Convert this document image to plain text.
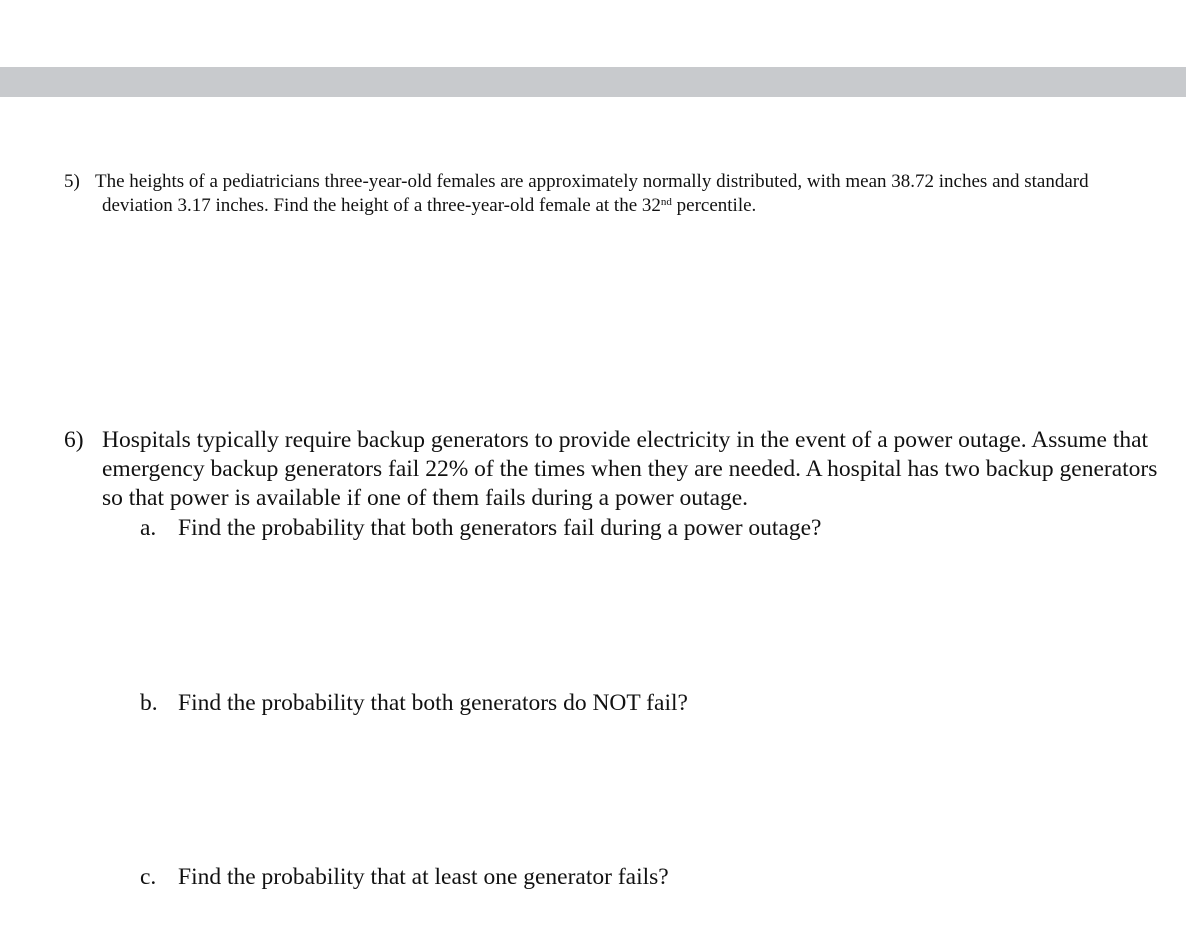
5) The heights of a pediatricians three-year-old females are approximately normally distributed, with mean 38.72 inches and standard deviation 3.17 inches. Find the height of a three-year-old female at the 32nd percentile.
6) Hospitals typically require backup generators to provide electricity in the event of a power outage. Assume that emergency backup generators fail 22% of the times when they are needed. A hospital has two backup generators so that power is available if one of them fails during a power outage.
a. Find the probability that both generators fail during a power outage?
b. Find the probability that both generators do NOT fail?
c. Find the probability that at least one generator fails?
